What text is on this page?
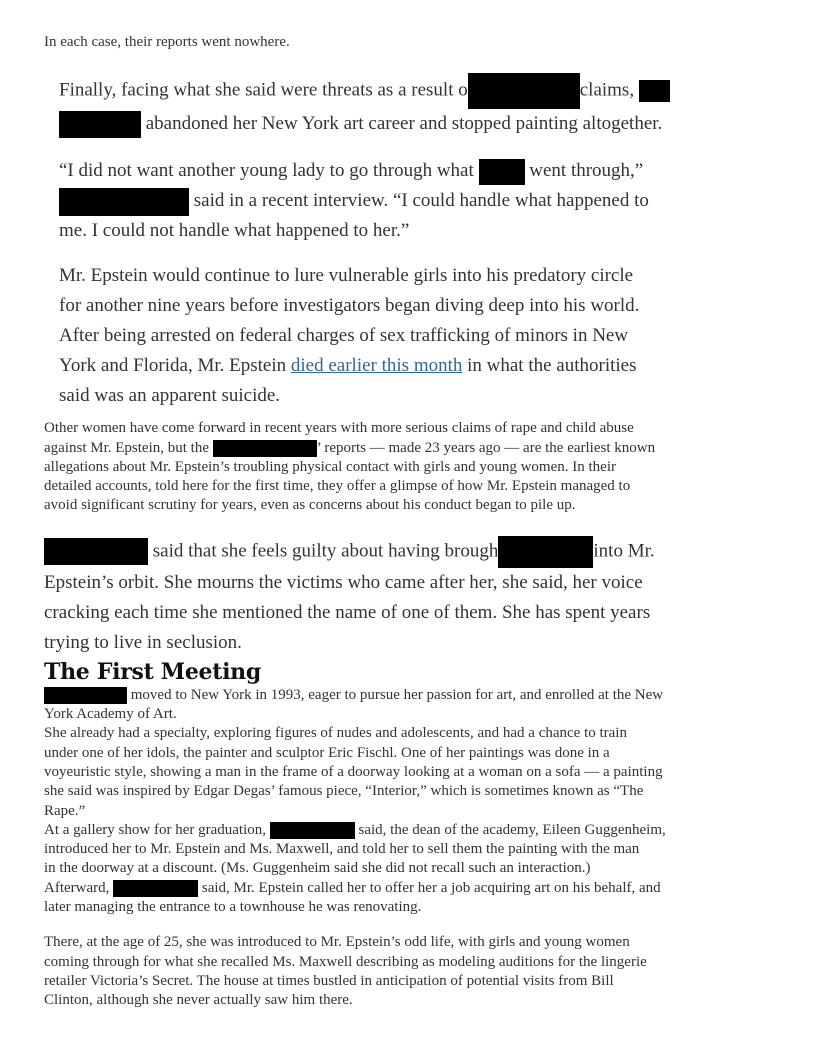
In each case, their reports went nowhere.
Finally, facing what she said were threats as a result o	claims,
abandoned her New York art career and stopped painting altogether.
“I did not want another young lady to go through what  went through,”
said in a recent interview. “I could handle what happened to
me. I could not handle what happened to her.”
Mr. Epstein would continue to lure vulnerable girls into his predatory circle
for another nine years before investigators began diving deep into his world.
After being arrested on federal charges of sex trafficking of minors in New
York and Florida, Mr. Epstein died earlier this month in what the authorities
said was an apparent suicide.
Other women have come forward in recent years with more serious claims of rape and child abuse
against Mr. Epstein, but the	’ reports — made 23 years ago — are the earliest known
allegations about Mr. Epstein’s troubling physical contact with girls and young women. In their
detailed accounts, told here for the first time, they offer a glimpse of how Mr. Epstein managed to
avoid significant scrutiny for years, even as concerns about his conduct began to pile up.
said that she feels guilty about having brough	into Mr.
Epstein’s orbit. She mourns the victims who came after her, she said, her voice
cracking each time she mentioned the name of one of them. She has spent years
trying to live in seclusion.
The First Meeting
moved to New York in 1993, eager to pursue her passion for art, and enrolled at the New
York Academy of Art.
She already had a specialty, exploring figures of nudes and adolescents, and had a chance to train
under one of her idols, the painter and sculptor Eric Fischl. One of her paintings was done in a
voyeuristic style, showing a man in the frame of a doorway looking at a woman on a sofa — a painting
she said was inspired by Edgar Degas’ famous piece, “Interior,” which is sometimes known as “The
Rape.”
At a gallery show for her graduation,	said, the dean of the academy, Eileen Guggenheim,
introduced her to Mr. Epstein and Ms. Maxwell, and told her to sell them the painting with the man
in the doorway at a discount. (Ms. Guggenheim said she did not recall such an interaction.)
Afterward,	said, Mr. Epstein called her to offer her a job acquiring art on his behalf, and
later managing the entrance to a townhouse he was renovating.
There, at the age of 25, she was introduced to Mr. Epstein’s odd life, with girls and young women
coming through for what she recalled Ms. Maxwell describing as modeling auditions for the lingerie
retailer Victoria’s Secret. The house at times bustled in anticipation of potential visits from Bill
Clinton, although she never actually saw him there.
